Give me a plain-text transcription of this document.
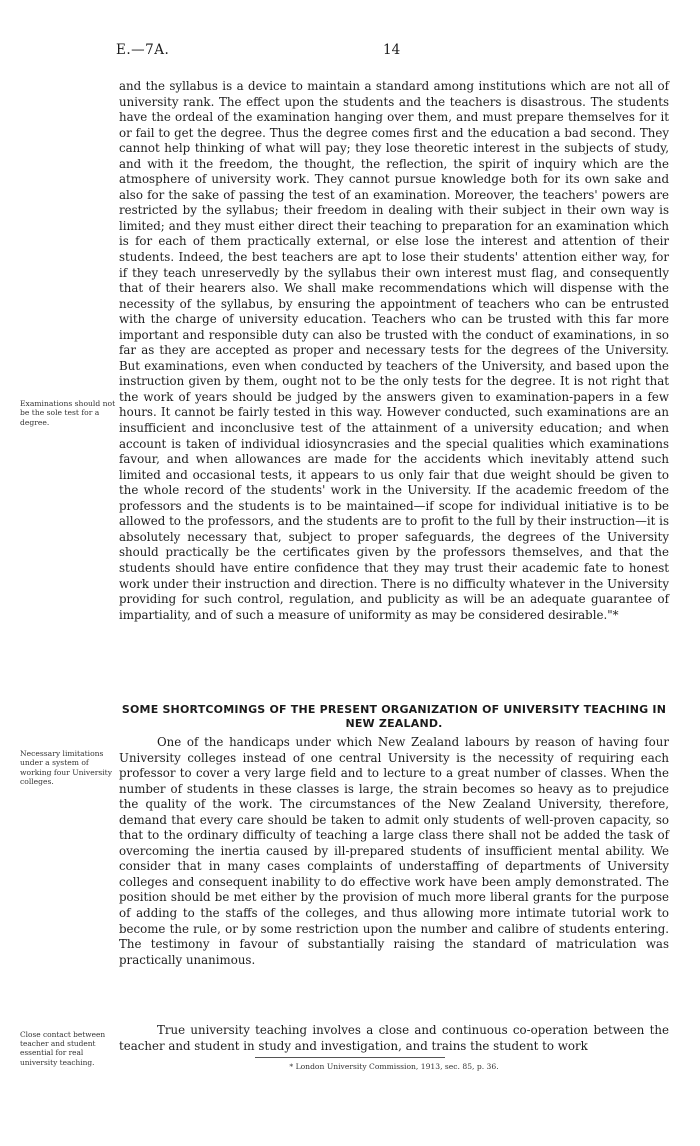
E.—7A.	14

and the syllabus is a device to maintain a standard among institutions which are not all of university rank. The effect upon the students and the teachers is disastrous. The students have the ordeal of the examination hanging over them, and must prepare themselves for it or fail to get the degree. Thus the degree comes first and the education a bad second. They cannot help thinking of what will pay; they lose theoretic interest in the subjects of study, and with it the freedom, the thought, the reflection, the spirit of inquiry which are the atmosphere of university work. They cannot pursue knowledge both for its own sake and also for the sake of passing the test of an examination. Moreover, the teachers' powers are restricted by the syllabus; their freedom in dealing with their subject in their own way is limited; and they must either direct their teaching to preparation for an examination which is for each of them practically external, or else lose the interest and attention of their students. Indeed, the best teachers are apt to lose their students' attention either way, for if they teach unreservedly by the syllabus their own interest must flag, and consequently that of their hearers also. We shall make recommendations which will dispense with the necessity of the syllabus, by ensuring the appointment of teachers who can be entrusted with the charge of university education. Teachers who can be trusted with this far more important and responsible duty can also be trusted with the conduct of examinations, in so far as they are accepted as proper and necessary tests for the degrees of the University. But examinations, even when conducted by teachers of the University, and based upon the instruction given by them, ought not to be the only tests for the degree. It is not right that the work of years should be judged by the answers given to examination-papers in a few hours. It cannot be fairly tested in this way. However conducted, such examinations are an insufficient and inconclusive test of the attainment of a university education; and when account is taken of individual idiosyncrasies and the special qualities which examinations favour, and when allowances are made for the accidents which inevitably attend such limited and occasional tests, it appears to us only fair that due weight should be given to the whole record of the students' work in the University. If the academic freedom of the professors and the students is to be maintained—if scope for individual initiative is to be allowed to the professors, and the students are to profit to the full by their instruction—it is absolutely necessary that, subject to proper safeguards, the degrees of the University should practically be the certificates given by the professors themselves, and that the students should have entire confidence that they may trust their academic fate to honest work under their instruction and direction. There is no difficulty whatever in the University providing for such control, regulation, and publicity as will be an adequate guarantee of impartiality, and of such a measure of uniformity as may be considered desirable."*

SOME SHORTCOMINGS OF THE PRESENT ORGANIZATION OF UNIVERSITY TEACHING IN NEW ZEALAND.

One of the handicaps under which New Zealand labours by reason of having four University colleges instead of one central University is the necessity of requiring each professor to cover a very large field and to lecture to a great number of classes. When the number of students in these classes is large, the strain becomes so heavy as to prejudice the quality of the work. The circumstances of the New Zealand University, therefore, demand that every care should be taken to admit only students of well-proven capacity, so that to the ordinary difficulty of teaching a large class there shall not be added the task of overcoming the inertia caused by ill-prepared students of insufficient mental ability. We consider that in many cases complaints of understaffing of departments of University colleges and consequent inability to do effective work have been amply demonstrated. The position should be met either by the provision of much more liberal grants for the purpose of adding to the staffs of the colleges, and thus allowing more intimate tutorial work to become the rule, or by some restriction upon the number and calibre of students entering. The testimony in favour of substantially raising the standard of matriculation was practically unanimous.

True university teaching involves a close and continuous co-operation between the teacher and student in study and investigation, and trains the student to work

Examinations should not be the sole test for a degree.

Necessary limitations under a system of working four University colleges.

Close contact between teacher and student essential for real university teaching.	* London University Commission, 1913, sec. 85, p. 36.
